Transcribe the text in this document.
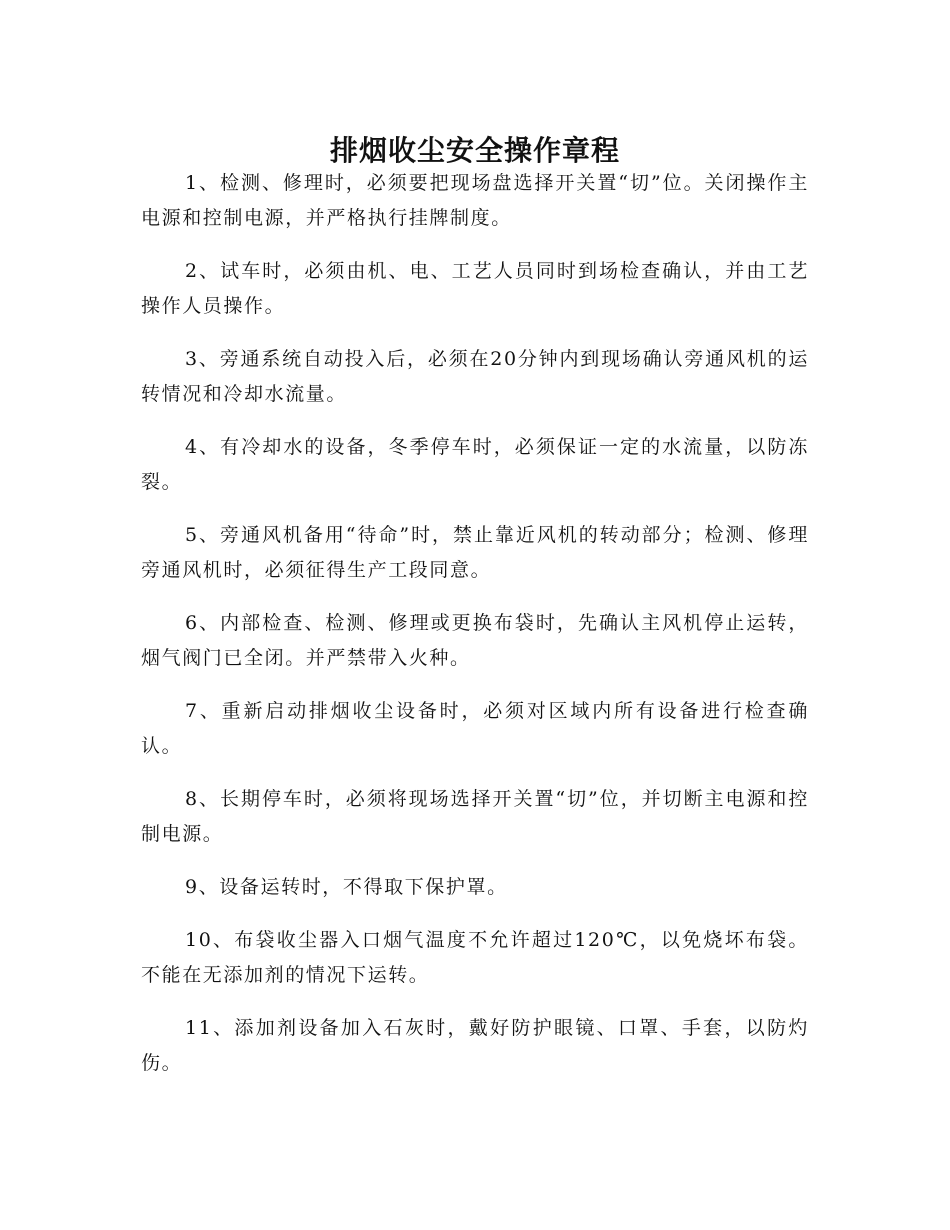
排烟收尘安全操作章程

1、检测、修理时，必须要把现场盘选择开关置“切”位。关闭操作主电源和控制电源，并严格执行挂牌制度。

2、试车时，必须由机、电、工艺人员同时到场检查确认，并由工艺操作人员操作。

3、旁通系统自动投入后，必须在20分钟内到现场确认旁通风机的运转情况和冷却水流量。

4、有冷却水的设备，冬季停车时，必须保证一定的水流量，以防冻裂。

5、旁通风机备用“待命”时，禁止靠近风机的转动部分；检测、修理旁通风机时，必须征得生产工段同意。

6、内部检查、检测、修理或更换布袋时，先确认主风机停止运转，烟气阀门已全闭。并严禁带入火种。

7、重新启动排烟收尘设备时，必须对区域内所有设备进行检查确认。

8、长期停车时，必须将现场选择开关置“切”位，并切断主电源和控制电源。

9、设备运转时，不得取下保护罩。

10、布袋收尘器入口烟气温度不允许超过120℃，以免烧坏布袋。不能在无添加剂的情况下运转。

11、添加剂设备加入石灰时，戴好防护眼镜、口罩、手套，以防灼伤。
